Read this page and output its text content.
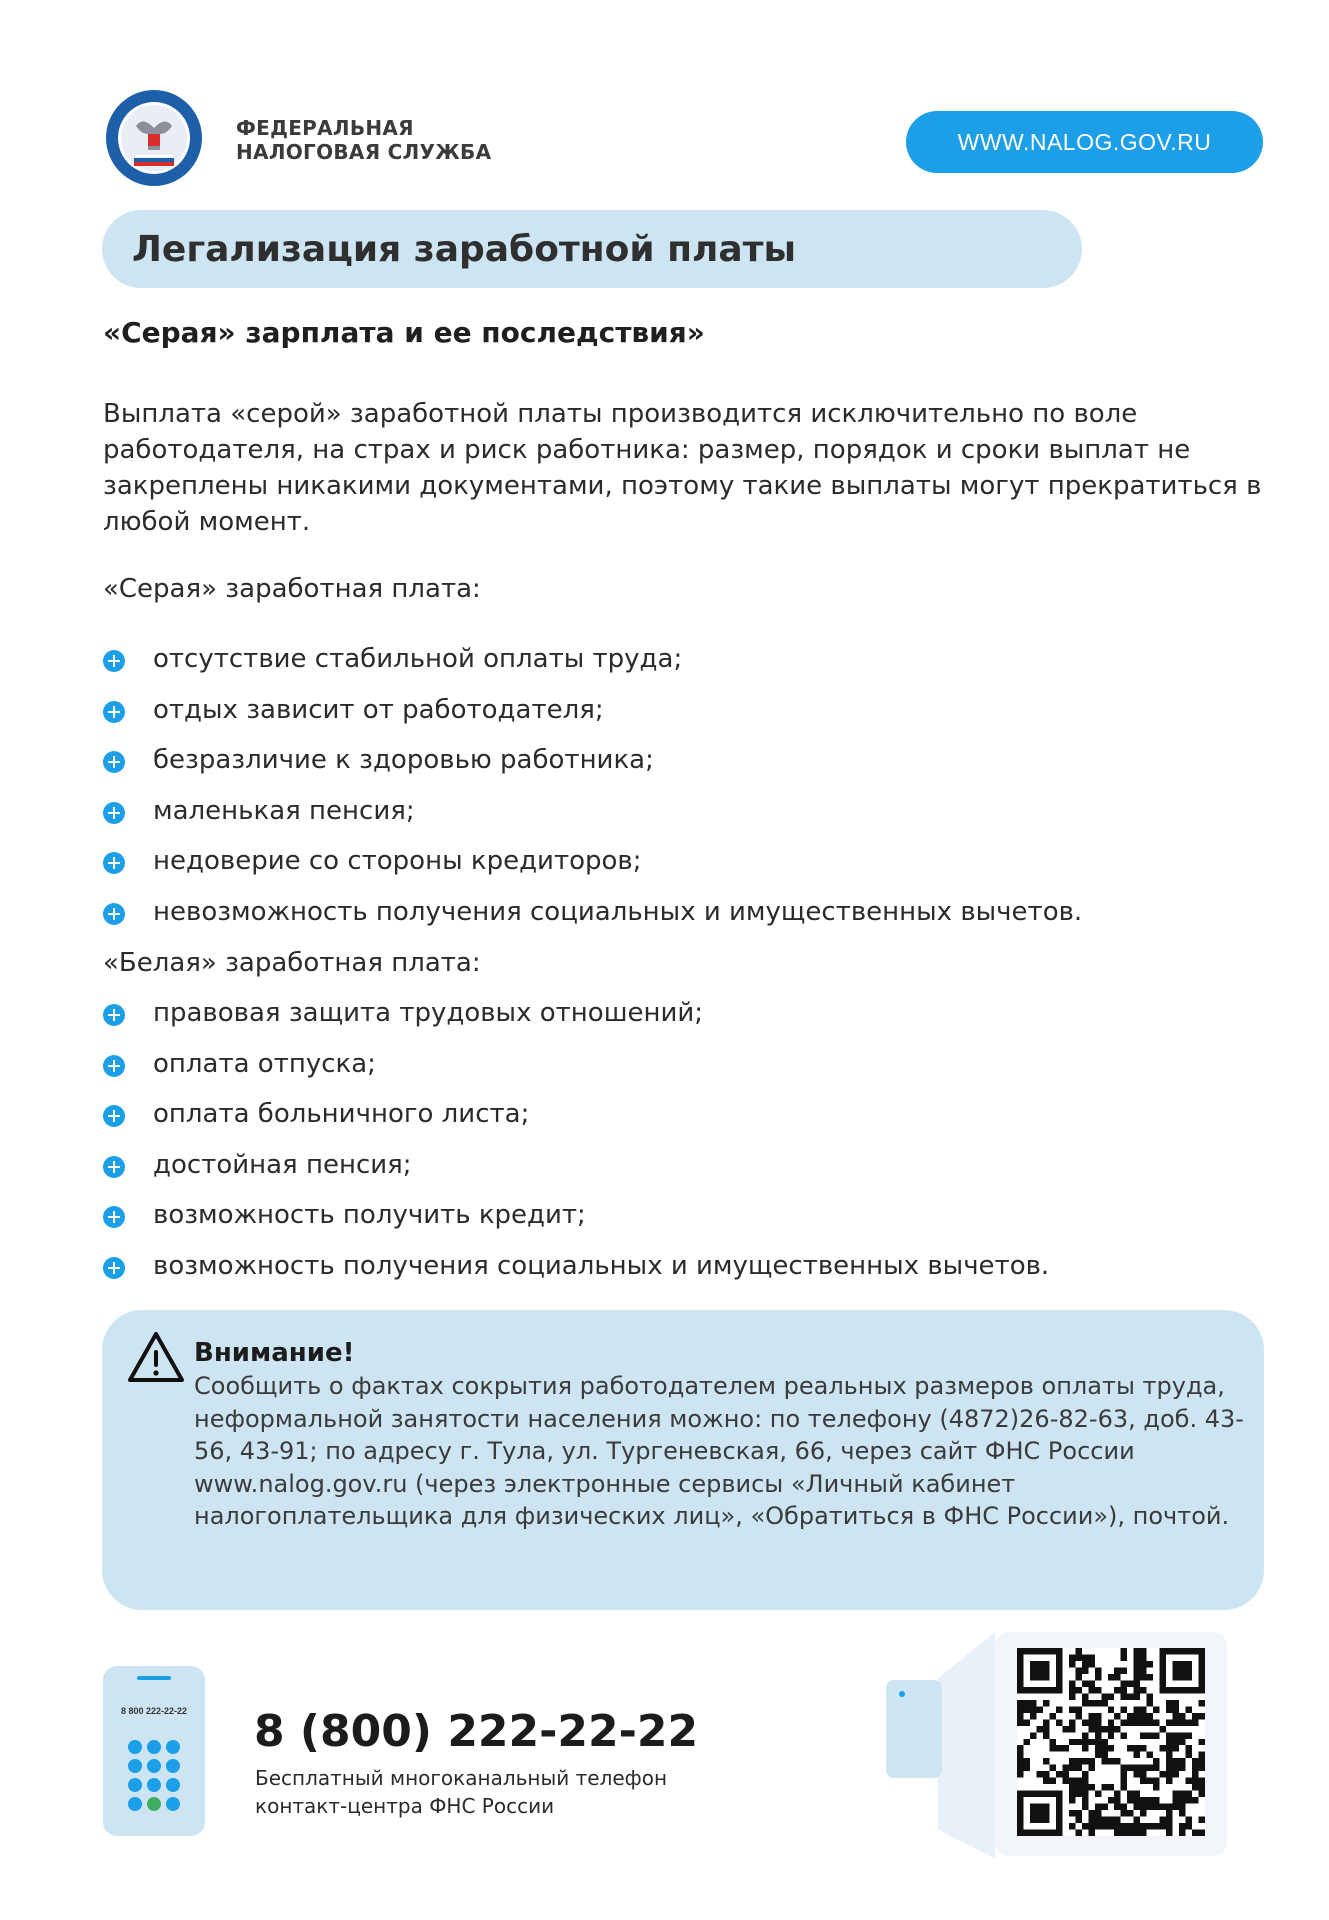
ФЕДЕРАЛЬНАЯ
НАЛОГОВАЯ СЛУЖБА	WWW.NALOG.GOV.RU
Легализация заработной платы
«Серая» зарплата и ее последствия»

Выплата «серой» заработной платы производится исключительно по воле работодателя, на страх и риск работника: размер, порядок и сроки выплат не закреплены никакими документами, поэтому такие выплаты могут прекратиться в любой момент.

«Серая» заработная плата:
отсутствие стабильной оплаты труда;
отдых зависит от работодателя;
безразличие к здоровью работника;
маленькая пенсия;
недоверие со стороны кредиторов;
невозможность получения социальных и имущественных вычетов.
«Белая» заработная плата:
правовая защита трудовых отношений;
оплата отпуска;
оплата больничного листа;
достойная пенсия;
возможность получить кредит;
возможность получения социальных и имущественных вычетов.
Внимание!

Сообщить о фактах сокрытия работодателем реальных размеров оплаты труда, неформальной занятости населения можно: по телефону (4872)26-82-63, доб. 43-56, 43-91; по адресу г. Тула, ул. Тургеневская, 66, через сайт ФНС России www.nalog.gov.ru (через электронные сервисы «Личный кабинет налогоплательщика для физических лиц», «Обратиться в ФНС России»), почтой.

8 800 222-22-22	8 (800) 222-22-22

Бесплатный многоканальный телефон контакт-центра ФНС России
